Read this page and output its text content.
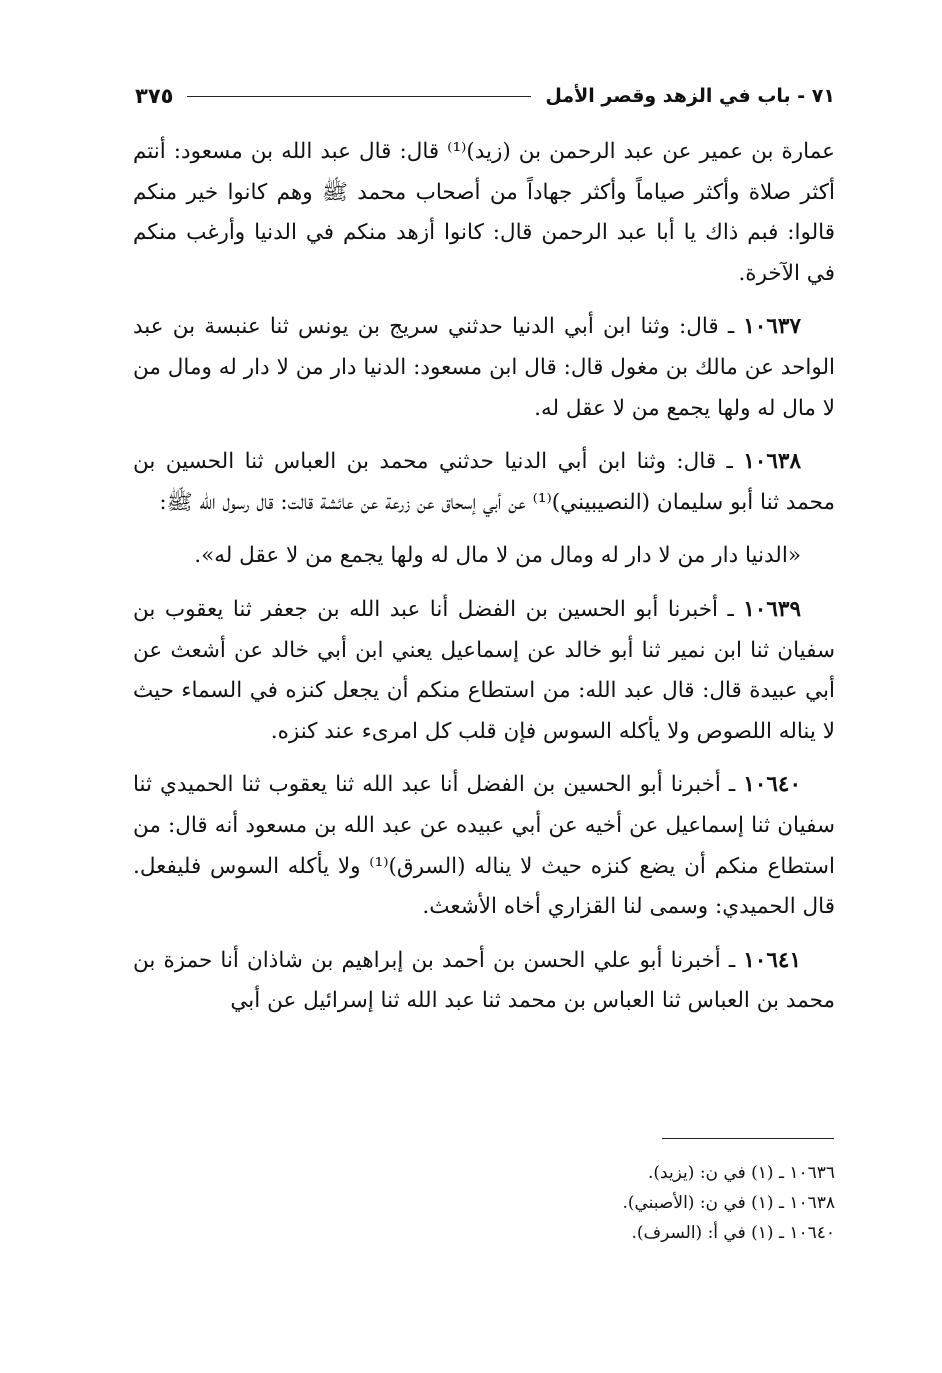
٧١ - باب في الزهد وقصر الأمل
٣٧٥

عمارة بن عمير عن عبد الرحمن بن (زيد)⁽¹⁾ قال: قال عبد الله بن مسعود: أنتم أكثر صلاة وأكثر صياماً وأكثر جهاداً من أصحاب محمد ﷺ وهم كانوا خير منكم قالوا: فبم ذاك يا أبا عبد الرحمن قال: كانوا أزهد منكم في الدنيا وأرغب منكم في الآخرة.

١٠٦٣٧ ـ قال: وثنا ابن أبي الدنيا حدثني سريج بن يونس ثنا عنبسة بن عبد الواحد عن مالك بن مغول قال: قال ابن مسعود: الدنيا دار من لا دار له ومال من لا مال له ولها يجمع من لا عقل له.

١٠٦٣٨ ـ قال: وثنا ابن أبي الدنيا حدثني محمد بن العباس ثنا الحسين بن محمد ثنا أبو سليمان (النصيبيني)⁽¹⁾ عن أبي إسحاق عن زرعة عن عائشة قالت: قال رسول الله ﷺ:

«الدنيا دار من لا دار له ومال من لا مال له ولها يجمع من لا عقل له».

١٠٦٣٩ ـ أخبرنا أبو الحسين بن الفضل أنا عبد الله بن جعفر ثنا يعقوب بن سفيان ثنا ابن نمير ثنا أبو خالد عن إسماعيل يعني ابن أبي خالد عن أشعث عن أبي عبيدة قال: قال عبد الله: من استطاع منكم أن يجعل كنزه في السماء حيث لا يناله اللصوص ولا يأكله السوس فإن قلب كل امرىء عند كنزه.

١٠٦٤٠ ـ أخبرنا أبو الحسين بن الفضل أنا عبد الله ثنا يعقوب ثنا الحميدي ثنا سفيان ثنا إسماعيل عن أخيه عن أبي عبيده عن عبد الله بن مسعود أنه قال: من استطاع منكم أن يضع كنزه حيث لا يناله (السرق)⁽¹⁾ ولا يأكله السوس فليفعل. قال الحميدي: وسمى لنا القزاري أخاه الأشعث.

١٠٦٤١ ـ أخبرنا أبو علي الحسن بن أحمد بن إبراهيم بن شاذان أنا حمزة بن محمد بن العباس ثنا العباس بن محمد ثنا عبد الله ثنا إسرائيل عن أبي

١٠٦٣٦ ـ (١) في ن: (يزيد).

١٠٦٣٨ ـ (١) في ن: (الأصبني).

١٠٦٤٠ ـ (١) في أ: (السرف).
